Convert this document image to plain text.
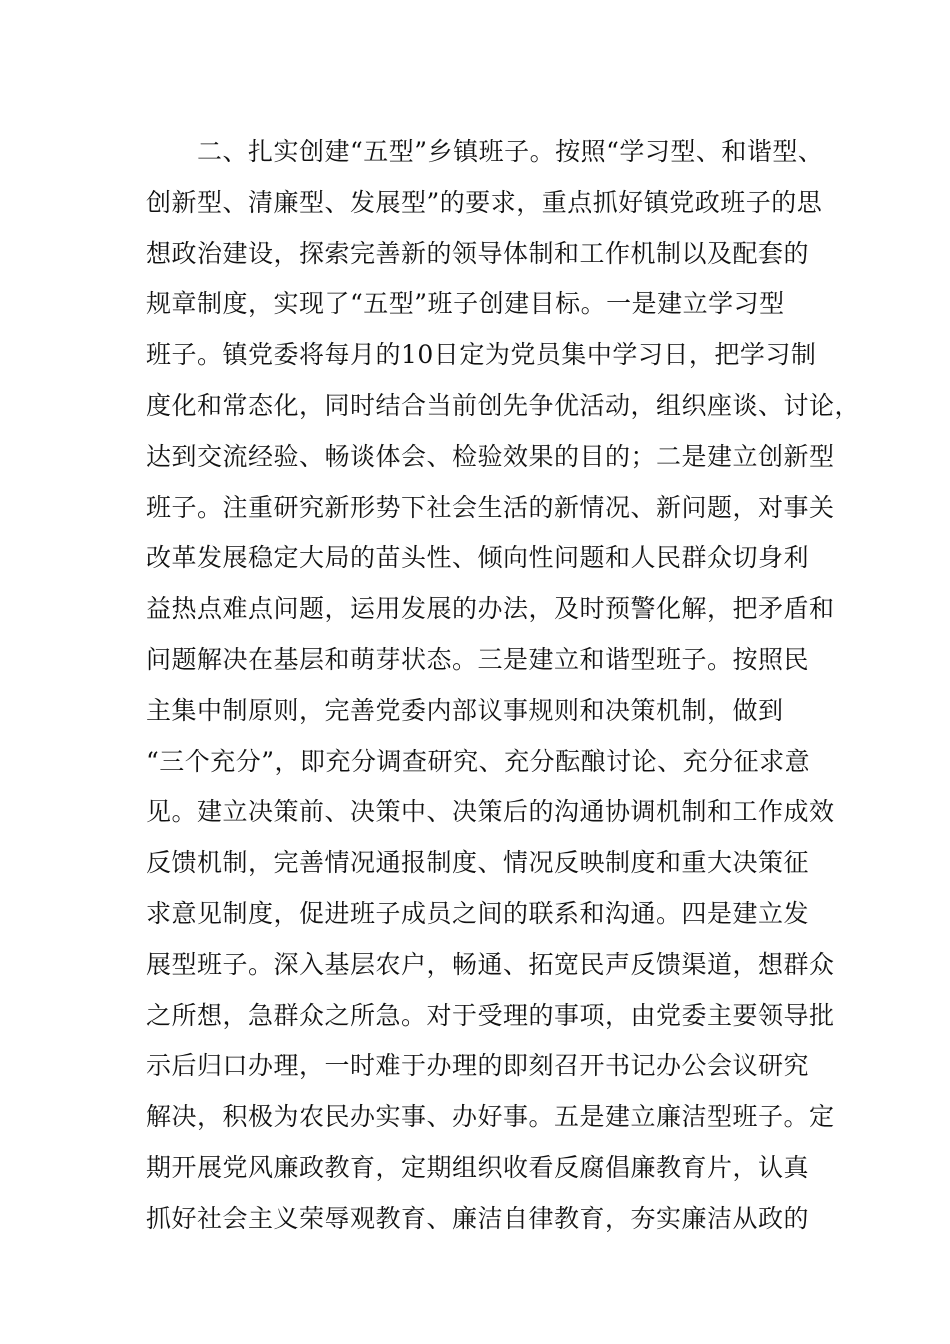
　　二、扎实创建“五型”乡镇班子。按照“学习型、和谐型、
创新型、清廉型、发展型”的要求，重点抓好镇党政班子的思
想政治建设，探索完善新的领导体制和工作机制以及配套的
规章制度，实现了“五型”班子创建目标。一是建立学习型
班子。镇党委将每月的10日定为党员集中学习日，把学习制
度化和常态化，同时结合当前创先争优活动，组织座谈、讨论，
达到交流经验、畅谈体会、检验效果的目的；二是建立创新型
班子。注重研究新形势下社会生活的新情况、新问题，对事关
改革发展稳定大局的苗头性、倾向性问题和人民群众切身利
益热点难点问题，运用发展的办法，及时预警化解，把矛盾和
问题解决在基层和萌芽状态。三是建立和谐型班子。按照民
主集中制原则，完善党委内部议事规则和决策机制，做到
“三个充分”，即充分调查研究、充分酝酿讨论、充分征求意
见。建立决策前、决策中、决策后的沟通协调机制和工作成效
反馈机制，完善情况通报制度、情况反映制度和重大决策征
求意见制度，促进班子成员之间的联系和沟通。四是建立发
展型班子。深入基层农户，畅通、拓宽民声反馈渠道，想群众
之所想，急群众之所急。对于受理的事项，由党委主要领导批
示后归口办理，一时难于办理的即刻召开书记办公会议研究
解决，积极为农民办实事、办好事。五是建立廉洁型班子。定
期开展党风廉政教育，定期组织收看反腐倡廉教育片，认真
抓好社会主义荣辱观教育、廉洁自律教育，夯实廉洁从政的
